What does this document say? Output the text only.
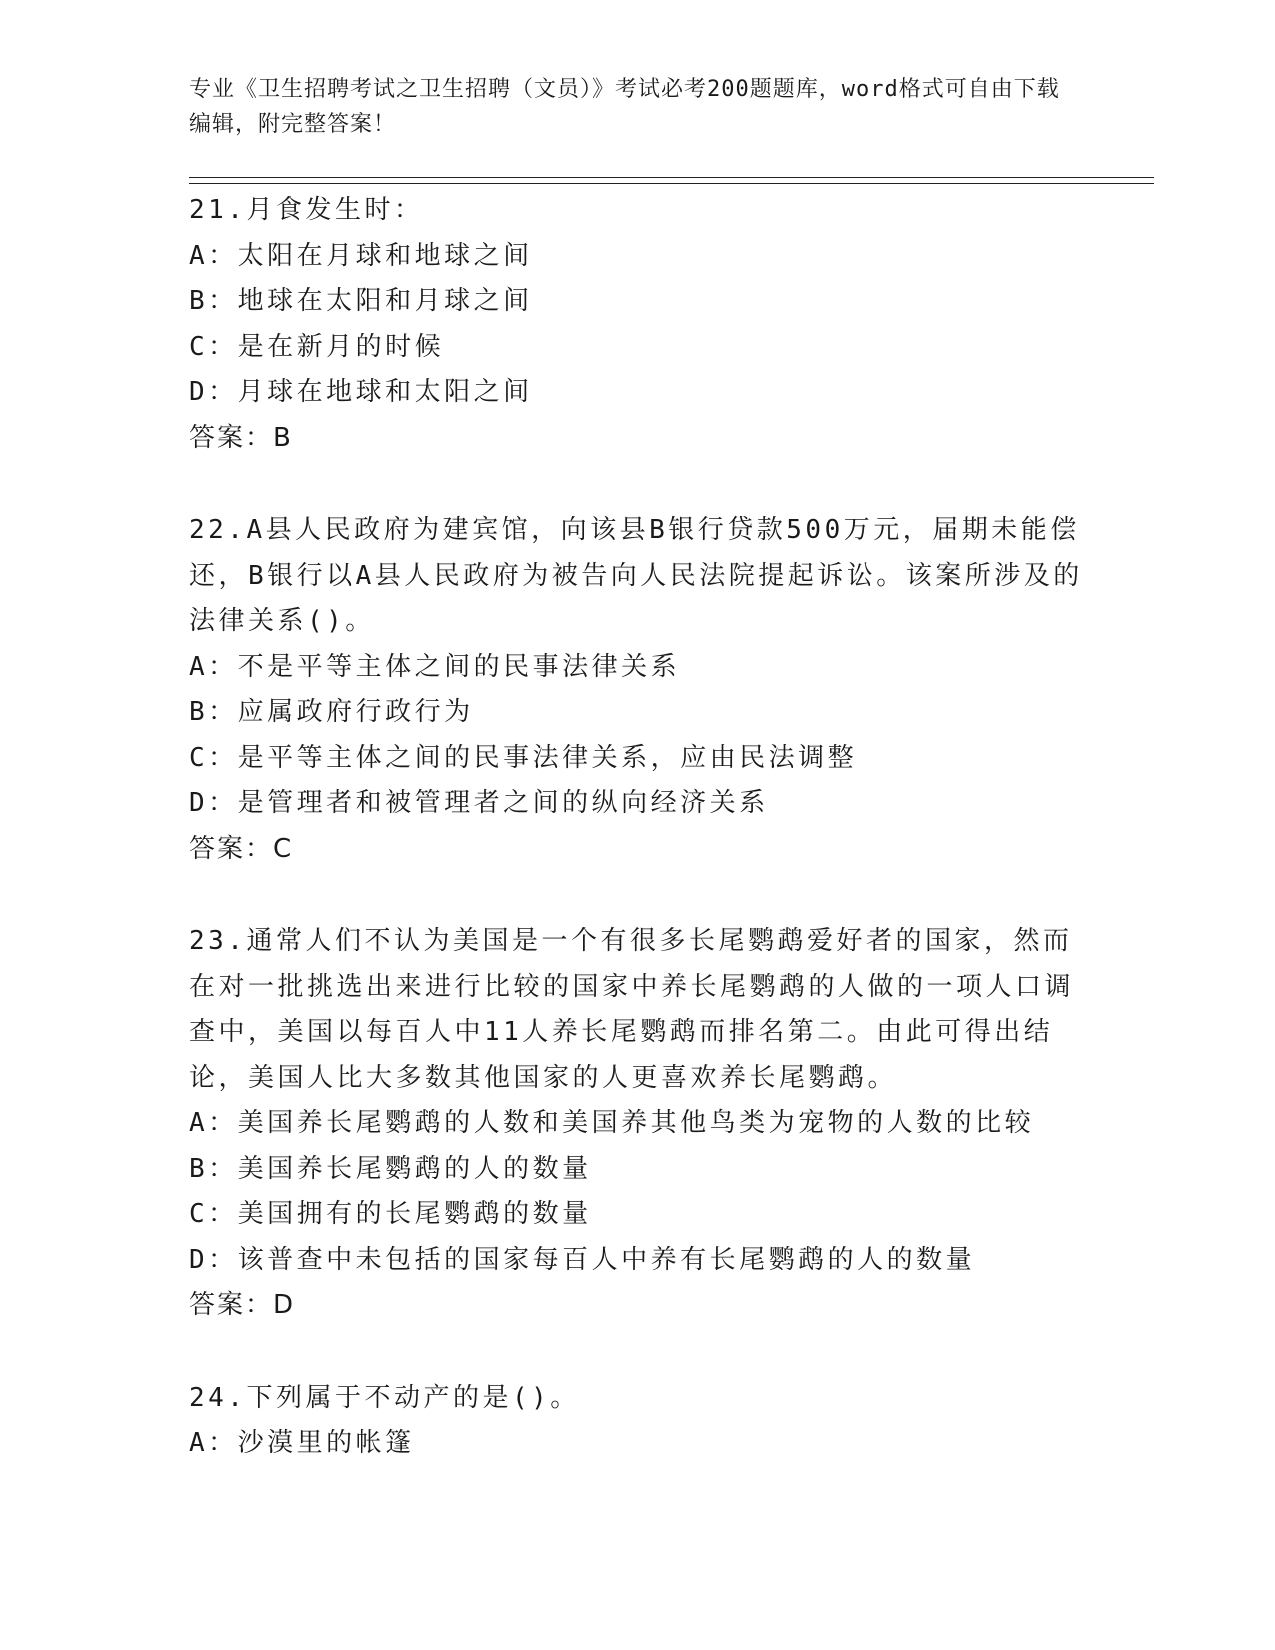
专业《卫生招聘考试之卫生招聘（文员）》考试必考200题题库，word格式可自由下载编辑，附完整答案！

21.月食发生时：

A：太阳在月球和地球之间

B：地球在太阳和月球之间

C：是在新月的时候

D：月球在地球和太阳之间

答案：B

22.A县人民政府为建宾馆，向该县B银行贷款500万元，届期未能偿还，B银行以A县人民政府为被告向人民法院提起诉讼。该案所涉及的法律关系()。

A：不是平等主体之间的民事法律关系

B：应属政府行政行为

C：是平等主体之间的民事法律关系，应由民法调整

D：是管理者和被管理者之间的纵向经济关系

答案：C

23.通常人们不认为美国是一个有很多长尾鹦鹉爱好者的国家，然而在对一批挑选出来进行比较的国家中养长尾鹦鹉的人做的一项人口调查中，美国以每百人中11人养长尾鹦鹉而排名第二。由此可得出结论，美国人比大多数其他国家的人更喜欢养长尾鹦鹉。

A：美国养长尾鹦鹉的人数和美国养其他鸟类为宠物的人数的比较

B：美国养长尾鹦鹉的人的数量

C：美国拥有的长尾鹦鹉的数量

D：该普查中未包括的国家每百人中养有长尾鹦鹉的人的数量

答案：D

24.下列属于不动产的是()。

A：沙漠里的帐篷
